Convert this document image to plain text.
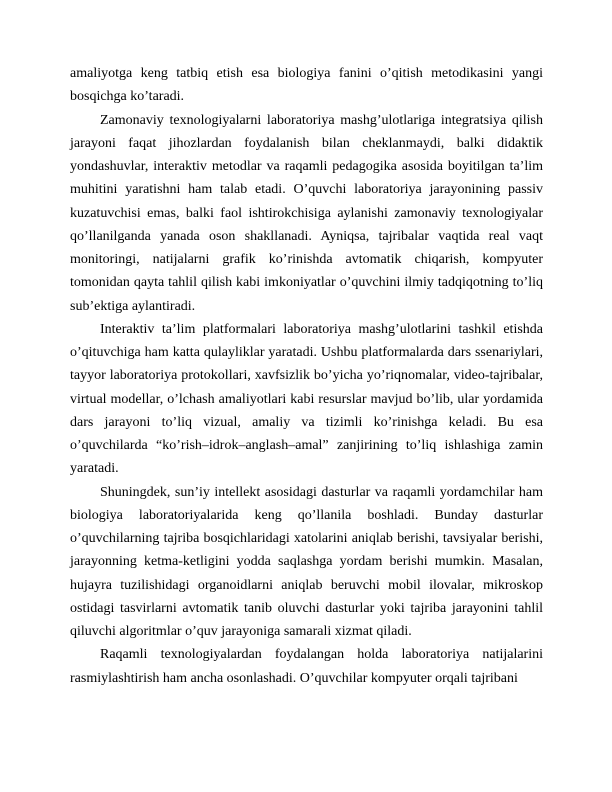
amaliyotga keng tatbiq etish esa biologiya fanini o’qitish metodikasini yangi bosqichga ko’taradi.

Zamonaviy texnologiyalarni laboratoriya mashg’ulotlariga integratsiya qilish jarayoni faqat jihozlardan foydalanish bilan cheklanmaydi, balki didaktik yondashuvlar, interaktiv metodlar va raqamli pedagogika asosida boyitilgan ta’lim muhitini yaratishni ham talab etadi. O’quvchi laboratoriya jarayonining passiv kuzatuvchisi emas, balki faol ishtirokchisiga aylanishi zamonaviy texnologiyalar qo’llanilganda yanada oson shakllanadi. Ayniqsa, tajribalar vaqtida real vaqt monitoringi, natijalarni grafik ko’rinishda avtomatik chiqarish, kompyuter tomonidan qayta tahlil qilish kabi imkoniyatlar o’quvchini ilmiy tadqiqotning to’liq sub’ektiga aylantiradi.

Interaktiv ta’lim platformalari laboratoriya mashg’ulotlarini tashkil etishda o’qituvchiga ham katta qulayliklar yaratadi. Ushbu platformalarda dars ssenariylari, tayyor laboratoriya protokollari, xavfsizlik bo’yicha yo’riqnomalar, video-tajribalar, virtual modellar, o’lchash amaliyotlari kabi resurslar mavjud bo’lib, ular yordamida dars jarayoni to’liq vizual, amaliy va tizimli ko’rinishga keladi. Bu esa o’quvchilarda “ko’rish–idrok–anglash–amal” zanjirining to’liq ishlashiga zamin yaratadi.

Shuningdek, sun’iy intellekt asosidagi dasturlar va raqamli yordamchilar ham biologiya laboratoriyalarida keng qo’llanila boshladi. Bunday dasturlar o’quvchilarning tajriba bosqichlaridagi xatolarini aniqlab berishi, tavsiyalar berishi, jarayonning ketma-ketligini yodda saqlashga yordam berishi mumkin. Masalan, hujayra tuzilishidagi organoidlarni aniqlab beruvchi mobil ilovalar, mikroskop ostidagi tasvirlarni avtomatik tanib oluvchi dasturlar yoki tajriba jarayonini tahlil qiluvchi algoritmlar o’quv jarayoniga samarali xizmat qiladi.

Raqamli texnologiyalardan foydalangan holda laboratoriya natijalarini rasmiylashtirish ham ancha osonlashadi. O’quvchilar kompyuter orqali tajribani
